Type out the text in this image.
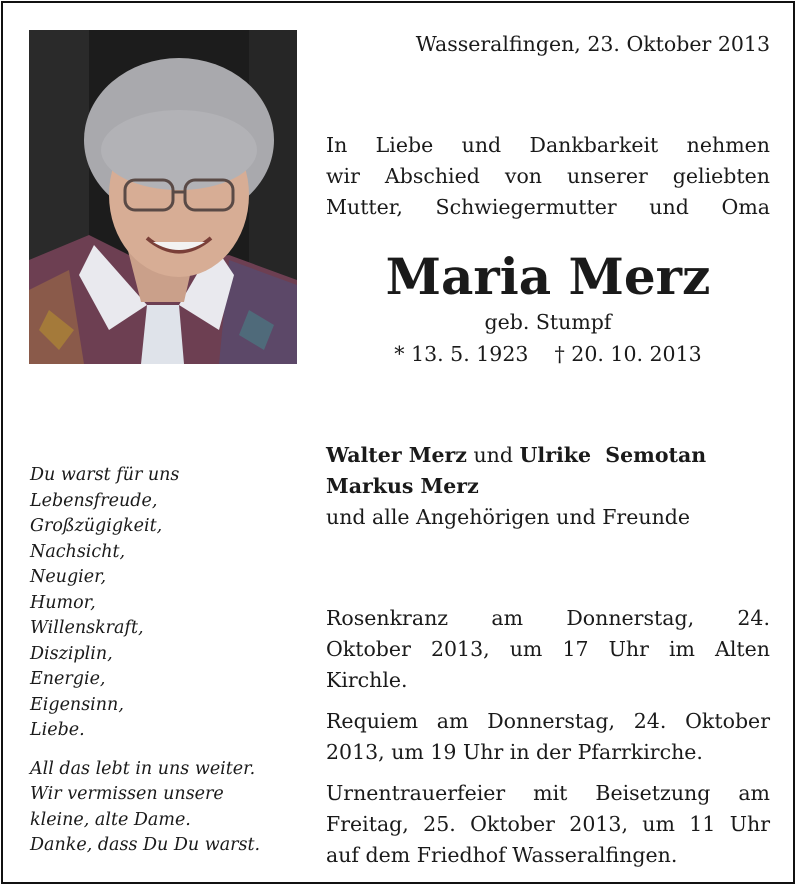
Wasseralfingen, 23. Oktober 2013
In Liebe und Dankbarkeit nehmen
wir Abschied von unserer geliebten
Mutter, Schwiegermutter und Oma
Maria Merz
geb. Stumpf
* 13. 5. 1923 † 20. 10. 2013
Du warst für uns
Lebensfreude,
Großzügigkeit,
Nachsicht,
Neugier,
Humor,
Willenskraft,
Disziplin,
Energie,
Eigensinn,
Liebe.
All das lebt in uns weiter.
Wir vermissen unsere
kleine, alte Dame.
Danke, dass Du Du warst.
Walter Merz und Ulrike  Semotan
Markus Merz
und alle Angehörigen und Freunde

Rosenkranz am Donnerstag, 24.
Oktober 2013, um 17 Uhr im Alten
Kirchle.

Requiem am Donnerstag, 24. Oktober
2013, um 19 Uhr in der Pfarrkirche.

Urnentrauerfeier mit Beisetzung am
Freitag, 25. Oktober 2013, um 11 Uhr
auf dem Friedhof Wasseralfingen.
